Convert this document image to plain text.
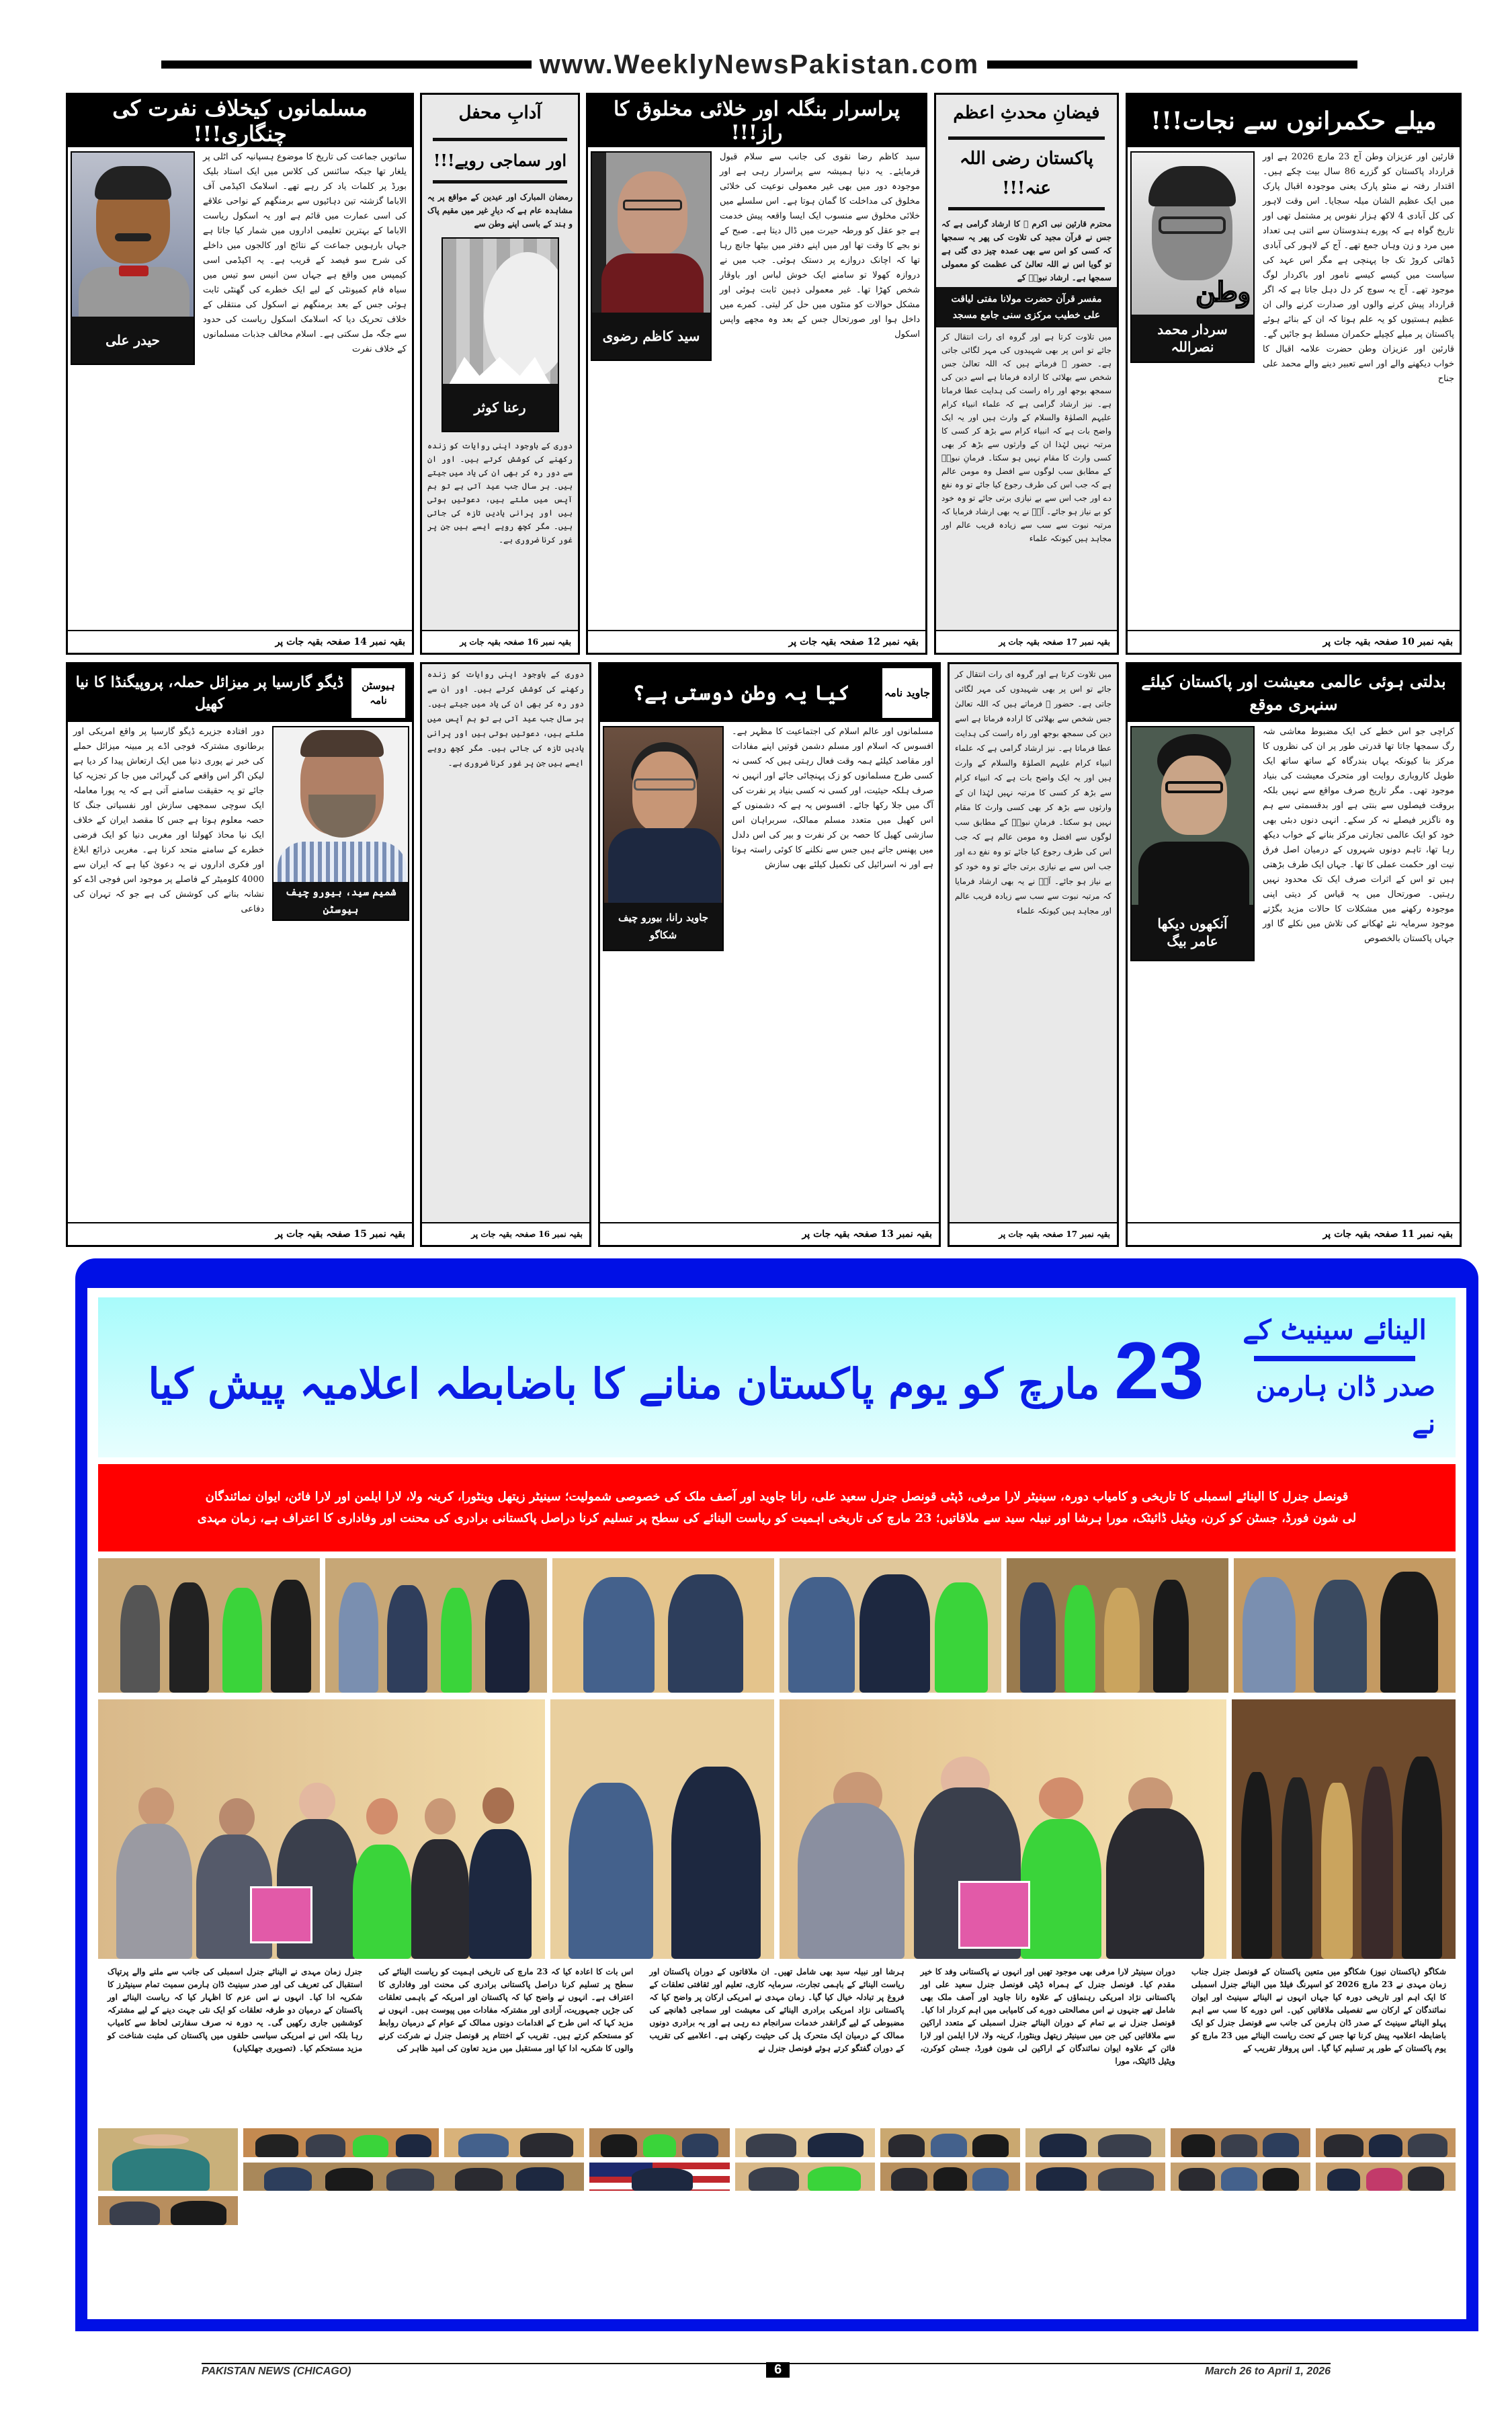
www.WeeklyNewsPakistan.com
میلے حکمرانوں سے نجات!!!
قارئین اور عزیزان وطن آج 23 مارچ 2026 ہے اور قرارداد پاکستان کو گزرے 86 سال بیت چکے ہیں۔ اقتدار رفتہ نے منٹو پارک یعنی موجودہ اقبال پارک میں ایک عظیم الشان میلہ سجایا۔ اس وقت لاہور کی کل آبادی 4 لاکھ ہزار نفوس پر مشتمل تھی اور تاریخ گواہ ہے کہ پورے ہندوستان سے اتنی ہی تعداد میں مرد و زن وہاں جمع تھے۔ آج کے لاہور کی آبادی ڈھائی کروڑ تک جا پہنچی ہے مگر اس عہد کی سیاست میں کیسے کیسے نامور اور باکردار لوگ موجود تھے۔ آج یہ سوچ کر دل دہل جاتا ہے کہ اگر قرارداد پیش کرنے والوں اور صدارت کرنے والی ان عظیم ہستیوں کو یہ علم ہوتا کہ ان کے بنائے ہوئے پاکستان پر میلے کچیلے حکمران مسلط ہو جائیں گے۔ قارئین اور عزیزان وطن حضرت علامہ اقبال کا خواب دیکھنے والے اور اسے تعبیر دینے والے محمد علی جناح
وطن
سردار محمد نصراللہ
بقیہ نمبر 10 صفحہ بقیہ جات پر
فیضانِ محدثِ اعظم
پاکستان رضی اللہ عنہ!!!
محترم قارئین نبی اکرم ﷺ کا ارشاد گرامی ہے کہ جس نے قرآن مجید کی تلاوت کی پھر یہ سمجھا کہ کسی کو اس سے بھی عمدہ چیز دی گئی ہے تو گویا اس نے اللہ تعالیٰ کی عظمت کو معمولی سمجھا ہے۔ ارشاد نبویؐ کے
مفسر قرآن حضرت مولانا مفتی لیاقت علی خطیب مرکزی سنی جامع مسجد
میں تلاوت کرتا ہے اور گروہ ای رات انتقال کر جائے تو اس پر بھی شہیدوں کی مہر لگائی جاتی ہے۔ حضور ﷺ فرماتے ہیں کہ اللہ تعالیٰ جس شخص سے بھلائی کا ارادہ فرماتا ہے اسے دین کی سمجھ بوجھ اور راہ راست کی ہدایت عطا فرماتا ہے۔ نیز ارشاد گرامی ہے کہ علماء انبیاء کرام علیہم الصلوٰۃ والسلام کے وارث ہیں اور یہ ایک واضح بات ہے کہ انبیاء کرام سے بڑھ کر کسی کا مرتبہ نہیں لہٰذا ان کے وارثوں سے بڑھ کر بھی کسی وارث کا مقام نہیں ہو سکتا۔ فرمانِ نبویؐ کے مطابق سب لوگوں سے افضل وہ مومن عالم ہے کہ جب اس کی طرف رجوع کیا جائے تو وہ نفع دے اور جب اس سے بے نیازی برتی جائے تو وہ خود کو بے نیاز ہو جائے۔ آپؐ نے یہ بھی ارشاد فرمایا کہ مرتبہ نبوت سے سب سے زیادہ قریب عالم اور مجاہد ہیں کیونکہ علماء
بقیہ نمبر 17 صفحہ بقیہ جات پر
پراسرار بنگلہ اور خلائی مخلوق کا راز!!!
سید کاظم رضا نقوی کی جانب سے سلام قبول فرمایئے۔ یہ دنیا ہمیشہ سے پراسرار رہی ہے اور موجودہ دور میں بھی غیر معمولی نوعیت کی خلائی مخلوق کی مداخلت کا گمان ہوتا ہے۔ اس سلسلے میں خلائی مخلوق سے منسوب ایک ایسا واقعہ پیش خدمت ہے جو عقل کو ورطہ حیرت میں ڈال دیتا ہے۔ صبح کے نو بجے کا وقت تھا اور میں اپنے دفتر میں بیٹھا جانچ رہا تھا کہ اچانک دروازے پر دستک ہوئی۔ جب میں نے دروازہ کھولا تو سامنے ایک خوش لباس اور باوقار شخص کھڑا تھا۔ غیر معمولی ذہین ثابت ہوئی اور مشکل حوالات کو منٹوں میں حل کر لیتی۔ کمرے میں داخل ہوا اور صورتحال جس کے بعد وہ مجھے واپس اسکول
سید کاظم رضوی
بقیہ نمبر 12 صفحہ بقیہ جات پر
آدابِ محفل
اور سماجی رویے!!!
رمضان المبارک اور عیدین کے مواقع پر یہ مشاہدہ عام ہے کہ دیارِ غیر میں مقیم پاک و ہند کے باسی اپنے وطن سے
رعنا کوثر
دوری کے باوجود اپنی روایات کو زندہ رکھنے کی کوشش کرتے ہیں۔ اور ان سے دور رہ کر بھی ان کی یاد میں جیتے ہیں۔ ہر سال جب عید آتی ہے تو ہم آپس میں ملتے ہیں، دعوتیں ہوتی ہیں اور پرانی یادیں تازہ کی جاتی ہیں۔ مگر کچھ رویے ایسے ہیں جن پر غور کرنا ضروری ہے۔
بقیہ نمبر 16 صفحہ بقیہ جات پر
مسلمانوں کیخلاف نفرت کی چنگاری!!!
ساتویں جماعت کی تاریخ کا موضوع ہسپانیہ کی اٹلی پر یلغار تھا جبکہ سائنس کی کلاس میں ایک استاد بلیک بورڈ پر کلمات یاد کر رہے تھے۔ اسلامک اکیڈمی آف الاباما گزشتہ تین دہائیوں سے برمنگھم کے نواحی علاقے کی اسی عمارت میں قائم ہے اور یہ اسکول ریاست الاباما کے بہترین تعلیمی اداروں میں شمار کیا جاتا ہے جہاں بارہویں جماعت کے نتائج اور کالجوں میں داخلے کی شرح سو فیصد کے قریب ہے۔ یہ اکیڈمی اسی کیمپس میں واقع ہے جہاں سن انیس سو تیس میں سیاہ فام کمیونٹی کے لیے ایک خطرے کی گھنٹی ثابت ہوئی جس کے بعد برمنگھم نے اسکول کی منتقلی کے خلاف تحریک دیا کہ اسلامک اسکول ریاست کی حدود سے جگہ مل سکتی ہے۔ اسلام مخالف جذبات مسلمانوں کے خلاف نفرت
حیدر علی
بقیہ نمبر 14 صفحہ بقیہ جات پر
بدلتی ہوئی عالمی معیشت اور پاکستان کیلئے سنہری موقع
کراچی جو اس خطے کی ایک مضبوط معاشی شہ رگ سمجھا جاتا تھا قدرتی طور پر ان کی نظروں کا مرکز بنا کیونکہ یہاں بندرگاہ کے ساتھ ساتھ ایک طویل کاروباری روایت اور متحرک معیشت کی بنیاد موجود تھی۔ مگر تاریخ صرف مواقع سے نہیں بلکہ بروقت فیصلوں سے بنتی ہے اور بدقسمتی سے ہم وہ ناگزیر فیصلے نہ کر سکے۔ انہی دنوں دبئی بھی خود کو ایک عالمی تجارتی مرکز بنانے کے خواب دیکھ رہا تھا، تاہم دونوں شہروں کے درمیان اصل فرق نیت اور حکمت عملی کا تھا۔ جہاں ایک طرف بڑھتی ہیں تو اس کے اثرات صرف ایک تک محدود نہیں رہتیں۔ صورتحال میں یہ قیاس کر دیتی اپنی موجودہ رکھنے میں مشکلات کا حالات مزید بگڑتے موجود سرمایہ نئے ٹھکانے کی تلاش میں نکلے گا اور جہاں پاکستان بالخصوص
آنکھوں دیکھا
عامر بیگ
بقیہ نمبر 11 صفحہ بقیہ جات پر
میں تلاوت کرتا ہے اور گروہ ای رات انتقال کر جائے تو اس پر بھی شہیدوں کی مہر لگائی جاتی ہے۔ حضور ﷺ فرماتے ہیں کہ اللہ تعالیٰ جس شخص سے بھلائی کا ارادہ فرماتا ہے اسے دین کی سمجھ بوجھ اور راہ راست کی ہدایت عطا فرماتا ہے۔ نیز ارشاد گرامی ہے کہ علماء انبیاء کرام علیہم الصلوٰۃ والسلام کے وارث ہیں اور یہ ایک واضح بات ہے کہ انبیاء کرام سے بڑھ کر کسی کا مرتبہ نہیں لہٰذا ان کے وارثوں سے بڑھ کر بھی کسی وارث کا مقام نہیں ہو سکتا۔ فرمانِ نبویؐ کے مطابق سب لوگوں سے افضل وہ مومن عالم ہے کہ جب اس کی طرف رجوع کیا جائے تو وہ نفع دے اور جب اس سے بے نیازی برتی جائے تو وہ خود کو بے نیاز ہو جائے۔ آپؐ نے یہ بھی ارشاد فرمایا کہ مرتبہ نبوت سے سب سے زیادہ قریب عالم اور مجاہد ہیں کیونکہ علماء
بقیہ نمبر 17 صفحہ بقیہ جات پر
جاوید نامہ
کیا یہ وطن دوستی ہے؟
مسلمانوں اور عالم اسلام کی اجتماعیت کا مظہر ہے۔ افسوس کہ اسلام اور مسلم دشمن قوتیں اپنے مفادات اور مقاصد کیلئے ہمہ وقت فعال رہتی ہیں کہ کسی نہ کسی طرح مسلمانوں کو زک پہنچائی جائے اور انہیں نہ صرف ہلکہ حیثیت، اور کسی نہ کسی بنیاد پر نفرت کی آگ میں جلا رکھا جائے۔ افسوس یہ ہے کہ دشمنوں کے اس کھیل میں متعدد مسلم ممالک، سربراہان اس سازشی کھیل کا حصہ بن کر نفرت و بیر کی اس دلدل میں پھنس جاتے ہیں جس سے نکلنے کا کوئی راستہ ہوتا ہے اور نہ اسرائیل کی تکمیل کیلئے بھی سازش
جاوید رانا، بیورو چیف شکاگو
بقیہ نمبر 13 صفحہ بقیہ جات پر
دوری کے باوجود اپنی روایات کو زندہ رکھنے کی کوشش کرتے ہیں۔ اور ان سے دور رہ کر بھی ان کی یاد میں جیتے ہیں۔ ہر سال جب عید آتی ہے تو ہم آپس میں ملتے ہیں، دعوتیں ہوتی ہیں اور پرانی یادیں تازہ کی جاتی ہیں۔ مگر کچھ رویے ایسے ہیں جن پر غور کرنا ضروری ہے۔
بقیہ نمبر 16 صفحہ بقیہ جات پر
ہیوسٹن نامہ
ڈیگو گارسیا پر میزائل حملہ، پروپیگنڈا کا نیا کھیل
دور افتادہ جزیرے ڈیگو گارسیا پر واقع امریکی اور برطانوی مشترکہ فوجی اڈے پر مبینہ میزائل حملے کی خبر نے پوری دنیا میں ایک ارتعاش پیدا کر دیا ہے لیکن اگر اس واقعے کی گہرائی میں جا کر تجزیہ کیا جائے تو یہ حقیقت سامنے آتی ہے کہ یہ پورا معاملہ ایک سوچی سمجھی سازش اور نفسیاتی جنگ کا حصہ معلوم ہوتا ہے جس کا مقصد ایران کے خلاف ایک نیا محاذ کھولنا اور مغربی دنیا کو ایک فرضی خطرے کے سامنے متحد کرنا ہے۔ مغربی ذرائع ابلاغ اور فکری اداروں نے یہ دعویٰ کیا ہے کہ ایران سے 4000 کلومیٹر کے فاصلے پر موجود اس فوجی اڈے کو نشانہ بنانے کی کوشش کی ہے جو کہ تہران کی دفاعی
شمیم سید، بیورو چیف ہیوسٹن
بقیہ نمبر 15 صفحہ بقیہ جات پر
الینائے سینیٹ کے
صدر ڈان ہارمن نے
23 مارچ کو یوم پاکستان منانے کا باضابطہ اعلامیہ پیش کیا
قونصل جنرل کا الینائے اسمبلی کا تاریخی و کامیاب دورہ، سینیٹر لارا مرفی، ڈپٹی قونصل جنرل سعید علی، رانا جاوید اور آصف ملک کی خصوصی شمولیت؛ سینیٹر زیتھل وینٹورا، کرینہ ولا، لارا ایلمن اور لارا فائن، ایوان نمائندگان
لی شون فورڈ، جسٹن کو کرن، ویٹیل ڈائیٹک، مورا ہرشا اور نبیلہ سید سے ملاقاتیں؛ 23 مارچ کی تاریخی اہمیت کو ریاست الینائے کی سطح پر تسلیم کرنا دراصل پاکستانی برادری کی محنت اور وفاداری کا اعتراف ہے، زمان مہدی
شکاگو (پاکستان نیوز) شکاگو میں متعین پاکستان کے قونصل جنرل جناب زمان مہدی نے 23 مارچ 2026 کو اسپرنگ فیلڈ میں الینائے جنرل اسمبلی کا ایک اہم اور تاریخی دورہ کیا جہاں انہوں نے الینائے سینیٹ اور ایوان نمائندگان کے ارکان سے تفصیلی ملاقاتیں کیں۔ اس دورے کا سب سے اہم پہلو الینائے سینیٹ کے صدر ڈان ہارمن کی جانب سے قونصل جنرل کو ایک باضابطہ اعلامیہ پیش کرنا تھا جس کے تحت ریاست الینائے میں 23 مارچ کو یوم پاکستان کے طور پر تسلیم کیا گیا۔ اس پروقار تقریب کے
دوران سینیٹر لارا مرفی بھی موجود تھیں اور انہوں نے پاکستانی وفد کا خیر مقدم کیا۔ قونصل جنرل کے ہمراہ ڈپٹی قونصل جنرل سعید علی اور پاکستانی نژاد امریکی رہنماؤں کے علاوہ رانا جاوید اور آصف ملک بھی شامل تھے جنہوں نے اس مصالحتی دورے کی کامیابی میں اہم کردار ادا کیا۔ قونصل جنرل نے بے تمام کے دوران الینائے جنرل اسمبلی کے متعدد اراکین سے ملاقاتیں کیں جن میں سینیٹر زیتھل وینٹورا، کرینہ ولا، لارا ایلمن اور لارا فائن کے علاوہ ایوان نمائندگان کے اراکین لی شون فورڈ، جسٹن کوکرن، ویٹیل ڈائیٹک، مورا
ہرشا اور نبیلہ سید بھی شامل تھیں۔ ان ملاقاتوں کے دوران پاکستان اور ریاست الینائے کے باہمی تجارت، سرمایہ کاری، تعلیم اور ثقافتی تعلقات کے فروغ پر تبادلہ خیال کیا گیا۔ زمان مہدی نے امریکی ارکان پر واضح کیا کہ پاکستانی نژاد امریکی برادری الینائے کی معیشت اور سماجی ڈھانچے کی مضبوطی کے لیے گرانقدر خدمات سرانجام دے رہی ہے اور یہ برادری دونوں ممالک کے درمیان ایک متحرک پل کی حیثیت رکھتی ہے۔ اعلامیے کی تقریب کے دوران گفتگو کرتے ہوئے قونصل جنرل نے
اس بات کا اعادہ کیا کہ 23 مارچ کی تاریخی اہمیت کو ریاست الینائے کی سطح پر تسلیم کرنا دراصل پاکستانی برادری کی محنت اور وفاداری کا اعتراف ہے۔ انہوں نے واضح کیا کہ پاکستان اور امریکہ کے باہمی تعلقات کی جڑیں جمہوریت، آزادی اور مشترکہ مفادات میں پیوست ہیں۔ انہوں نے مزید کہا کہ اس طرح کے اقدامات دونوں ممالک کے عوام کے درمیان روابط کو مستحکم کرتے ہیں۔ تقریب کے اختتام پر قونصل جنرل نے شرکت کرنے والوں کا شکریہ ادا کیا اور مستقبل میں مزید تعاون کی امید ظاہر کی
جنرل زمان مہدی نے الینائے جنرل اسمبلی کی جانب سے ملنے والے پرتپاک استقبال کی تعریف کی اور صدر سینیٹ ڈان ہارمن سمیت تمام سینیٹرز کا شکریہ ادا کیا۔ انہوں نے اس عزم کا اظہار کیا کہ ریاست الینائے اور پاکستان کے درمیان دو طرفہ تعلقات کو ایک نئی جہت دینے کے لیے مشترکہ کوششیں جاری رکھیں گی۔ یہ دورہ نہ صرف سفارتی لحاظ سے کامیاب رہا بلکہ اس نے امریکی سیاسی حلقوں میں پاکستان کی مثبت شناخت کو مزید مستحکم کیا۔ (تصویری جھلکیاں)
PAKISTAN NEWS (CHICAGO)	6	March 26 to April 1, 2026
